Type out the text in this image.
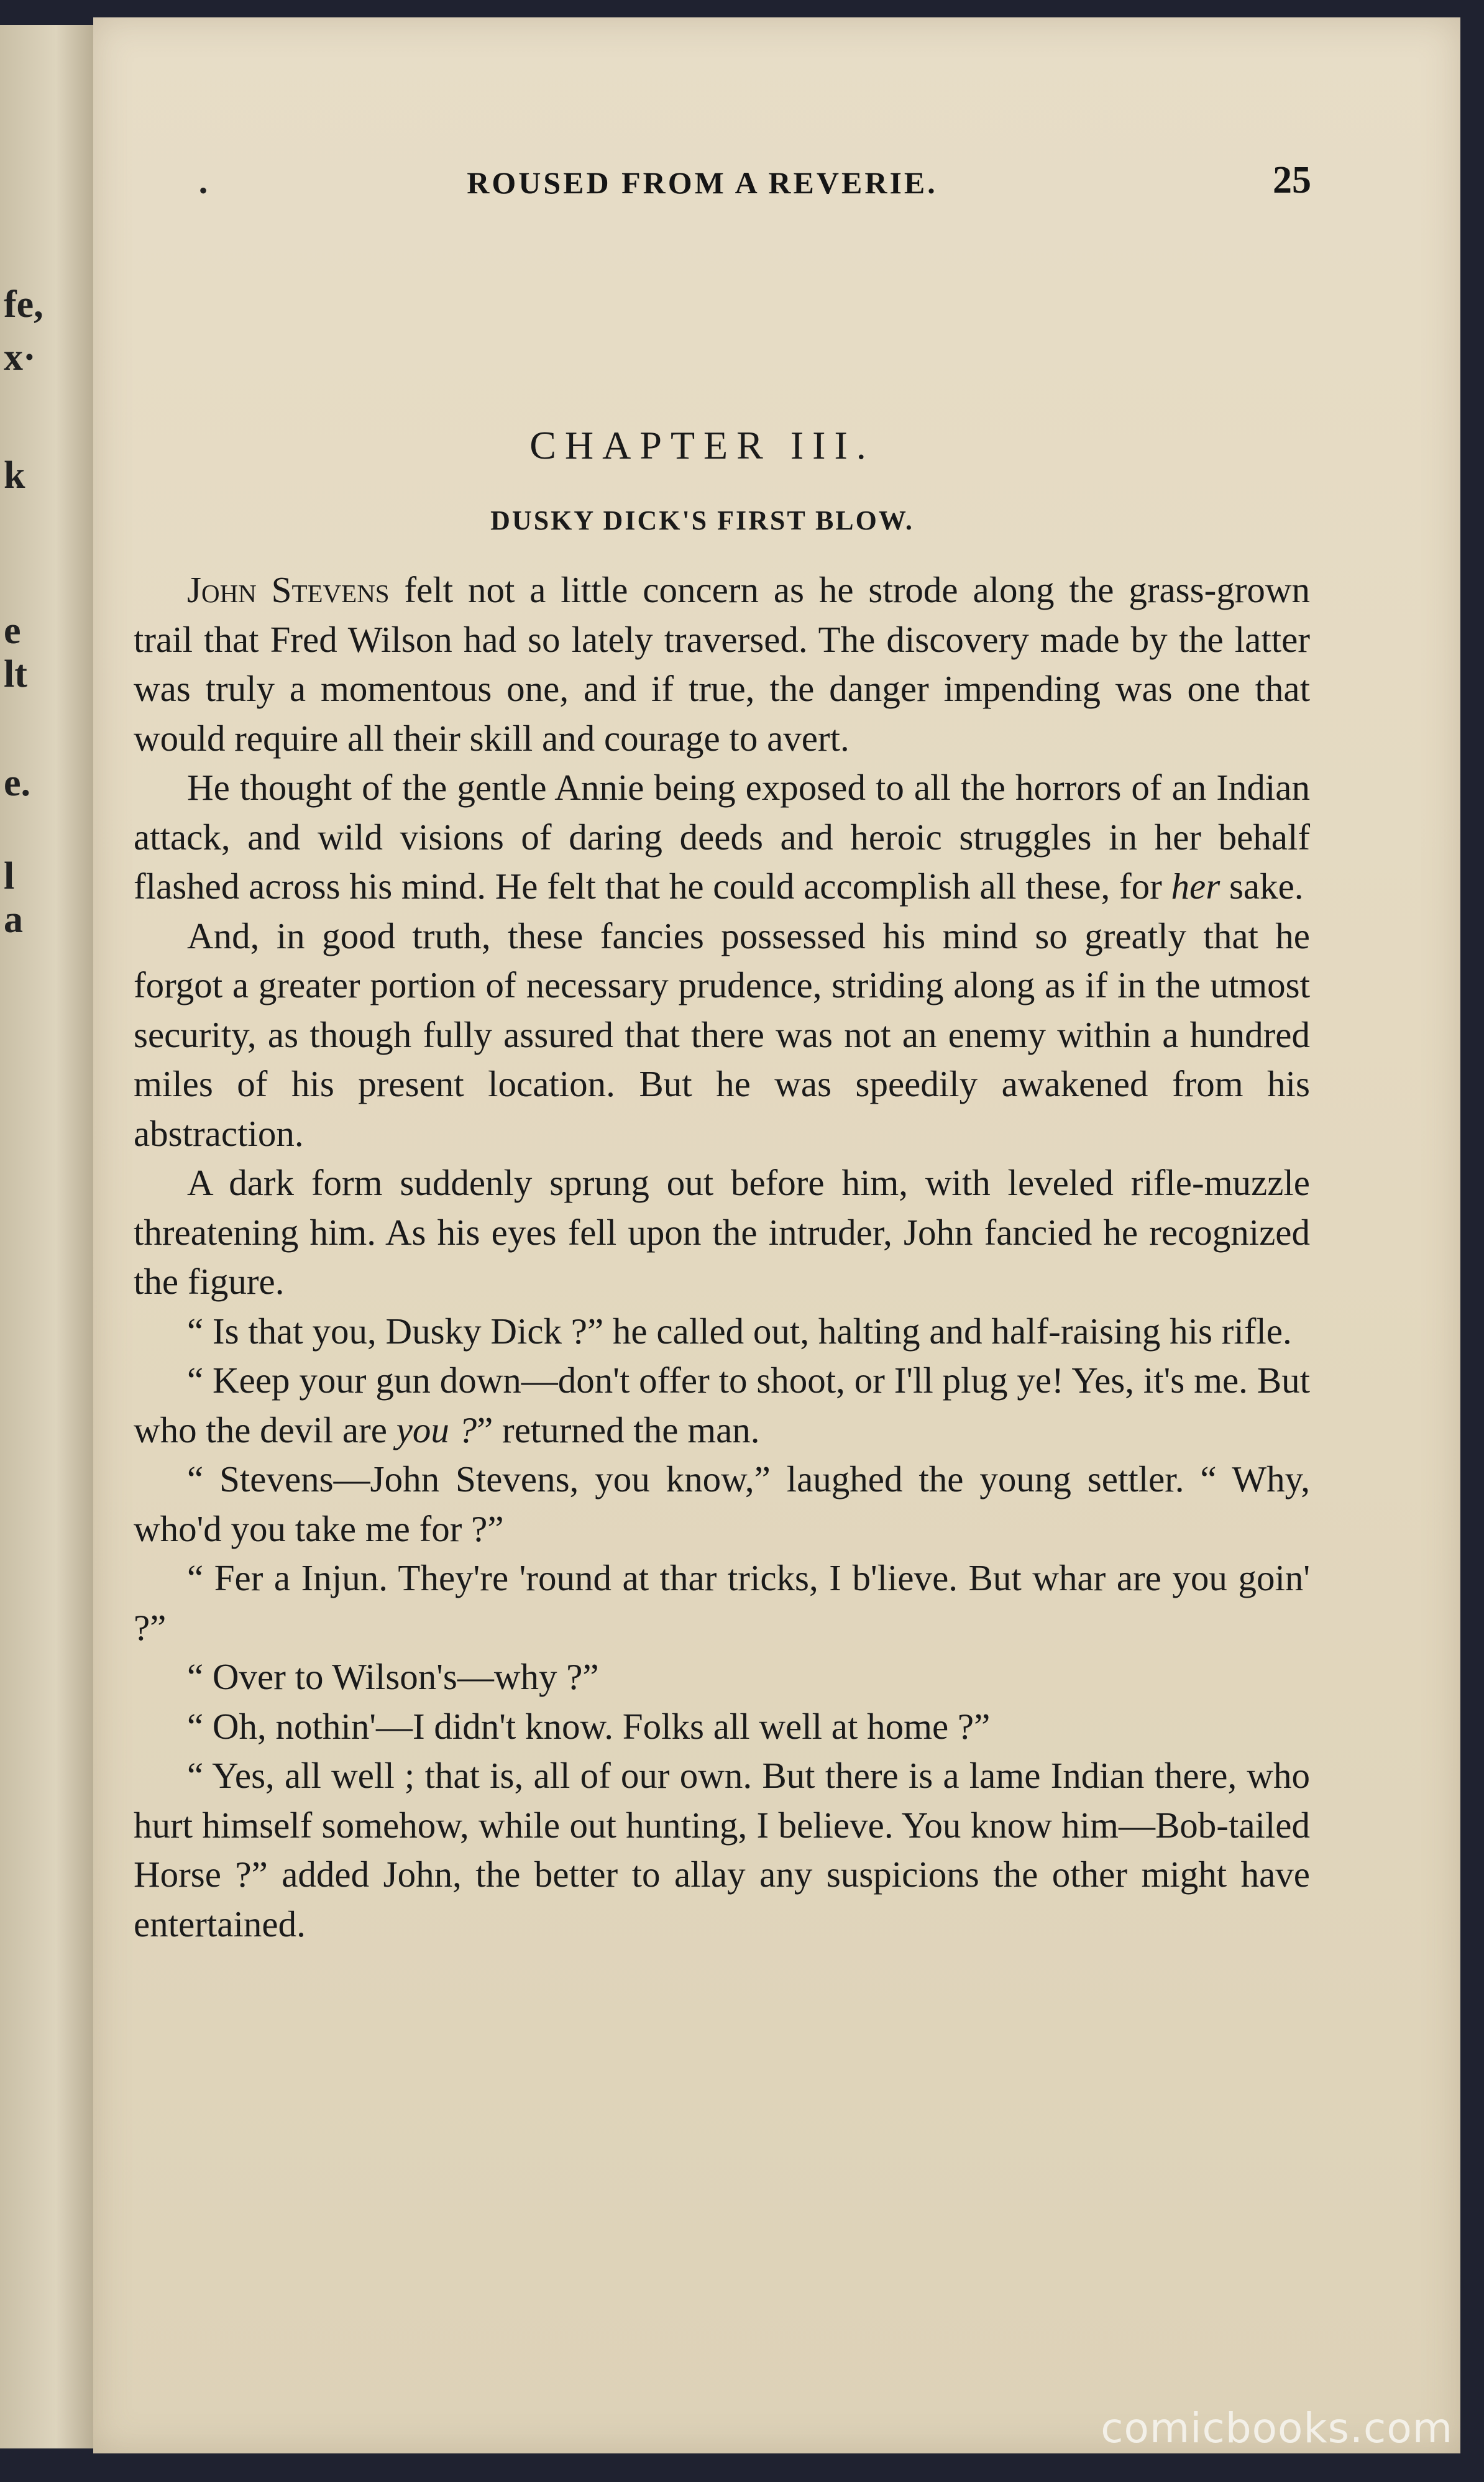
fe,
x·
k
e
lt
e.
l
a
•	ROUSED FROM A REVERIE.	25
CHAPTER III.
DUSKY DICK'S FIRST BLOW.

John Stevens felt not a little concern as he strode along the grass-grown trail that Fred Wilson had so lately traversed. The discovery made by the latter was truly a momentous one, and if true, the danger impending was one that would require all their skill and courage to avert.

He thought of the gentle Annie being exposed to all the horrors of an Indian attack, and wild visions of daring deeds and heroic struggles in her behalf flashed across his mind. He felt that he could accomplish all these, for her sake.

And, in good truth, these fancies possessed his mind so greatly that he forgot a greater portion of necessary prudence, striding along as if in the utmost security, as though fully assured that there was not an enemy within a hundred miles of his present location. But he was speedily awakened from his abstraction.

A dark form suddenly sprung out before him, with leveled rifle-muzzle threatening him. As his eyes fell upon the intruder, John fancied he recognized the figure.

“ Is that you, Dusky Dick ?” he called out, halting and half-raising his rifle.

“ Keep your gun down—don't offer to shoot, or I'll plug ye! Yes, it's me. But who the devil are you ?” returned the man.

“ Stevens—John Stevens, you know,” laughed the young settler. “ Why, who'd you take me for ?”

“ Fer a Injun. They're 'round at thar tricks, I b'lieve. But whar are you goin' ?”

“ Over to Wilson's—why ?”

“ Oh, nothin'—I didn't know. Folks all well at home ?”

“ Yes, all well ; that is, all of our own. But there is a lame Indian there, who hurt himself somehow, while out hunting, I believe. You know him—Bob-tailed Horse ?” added John, the better to allay any suspicions the other might have entertained.

comicbooks.com
